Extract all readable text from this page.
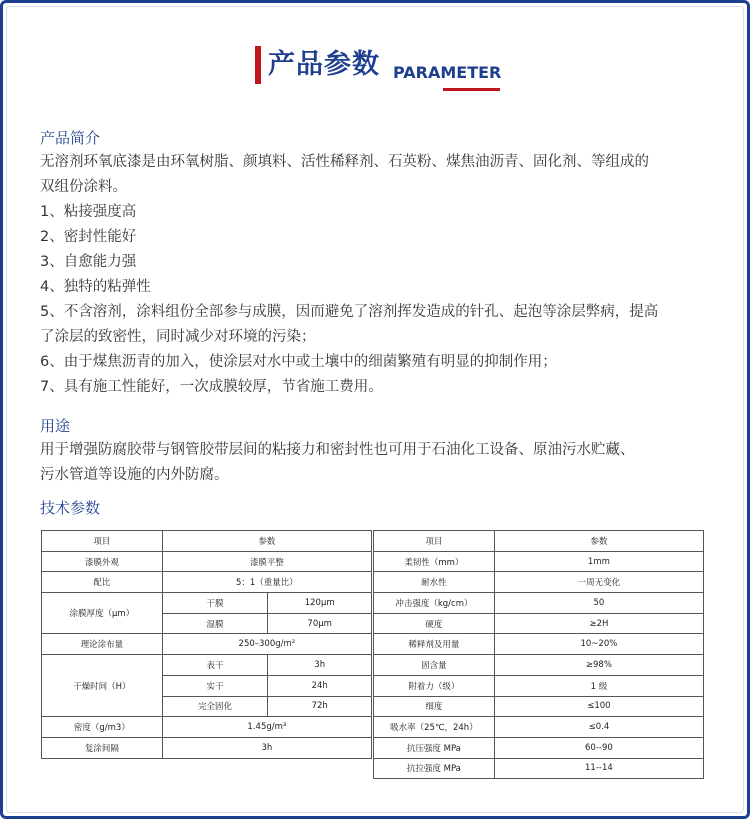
产品参数 PARAMETER
产品简介

无溶剂环氧底漆是由环氧树脂、颜填料、活性稀释剂、石英粉、煤焦油沥青、固化剂、等组成的

双组份涂料。

1、粘接强度高

2、密封性能好

3、自愈能力强

4、独特的粘弹性

5、不含溶剂，涂料组份全部参与成膜，因而避免了溶剂挥发造成的针孔、起泡等涂层弊病，提高

了涂层的致密性，同时减少对环境的污染；

6、由于煤焦沥青的加入，使涂层对水中或土壤中的细菌繁殖有明显的抑制作用；

7、具有施工性能好，一次成膜较厚，节省施工费用。

用途

用于增强防腐胶带与钢管胶带层间的粘接力和密封性也可用于石油化工设备、原油污水贮藏、

污水管道等设施的内外防腐。

技术参数
项目	参数	
漆膜外观	漆膜平整	
配比	5：1（重量比）	
涂膜厚度（μm）	干膜	120μm
	湿膜	70μm
理论涂布量	250–300g/m²	
干燥时间（H）	表干	3h
	实干	24h
	完全固化	72h
密度（g/m3）	1.45g/m³	
复涂间隔	3h	
项目	参数
柔韧性（mm）	1mm
耐水性	一周无变化
冲击强度（kg/cm）	50
硬度	≥2H
稀释剂及用量	10~20%
固含量	≥98%
附着力（级）	1 级
细度	≤100
吸水率（25℃，24h）	≤0.4
抗压强度 MPa	60--90
抗拉强度 MPa	11--14
